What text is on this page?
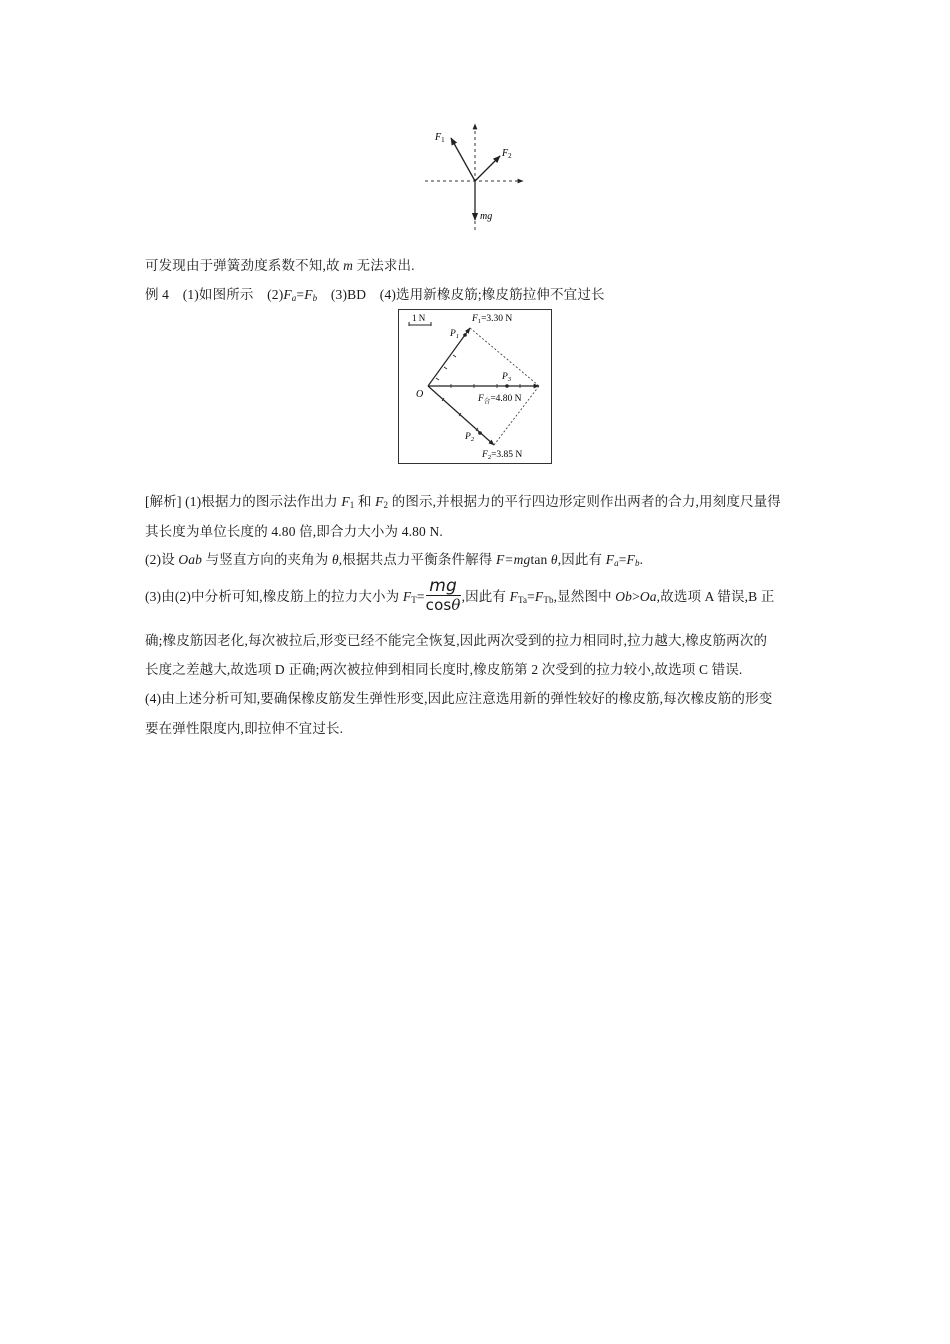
$F_1$
$F_2$
mg
可发现由于弹簧劲度系数不知,故 m 无法求出.
例 4　(1)如图所示　$(2)F_a=F_b$　(3)BD　(4)选用新橡皮筋;橡皮筋拉伸不宜过长
1 N
O
$P_1$
$P_2$
$P_3$
$F_1=3.30$ N
$F_2=3.85$ N
$F_合=4.80$ N
[解析] (1)根据力的图示法作出力 $F_1$ 和 $F_2$ 的图示,并根据力的平行四边形定则作出两者的合力,用刻度尺量得
其长度为单位长度的 4.80 倍,即合力大小为 4.80 N.
(2)设 Oab 与竖直方向的夹角为 θ,根据共点力平衡条件解得 F=mgtan θ,因此有 $F_a=F_b$.
(3)由(2)中分析可知,橡皮筋上的拉力大小为 $F_T= \frac{mg}{\cos\theta}$ ,因此有 $F_{Ta}=F_{Tb}$,显然图中 Ob>Oa,故选项 A 错误,B 正
确;橡皮筋因老化,每次被拉后,形变已经不能完全恢复,因此两次受到的拉力相同时,拉力越大,橡皮筋两次的
长度之差越大,故选项 D 正确;两次被拉伸到相同长度时,橡皮筋第 2 次受到的拉力较小,故选项 C 错误.
(4)由上述分析可知,要确保橡皮筋发生弹性形变,因此应注意选用新的弹性较好的橡皮筋,每次橡皮筋的形变
要在弹性限度内,即拉伸不宜过长.
